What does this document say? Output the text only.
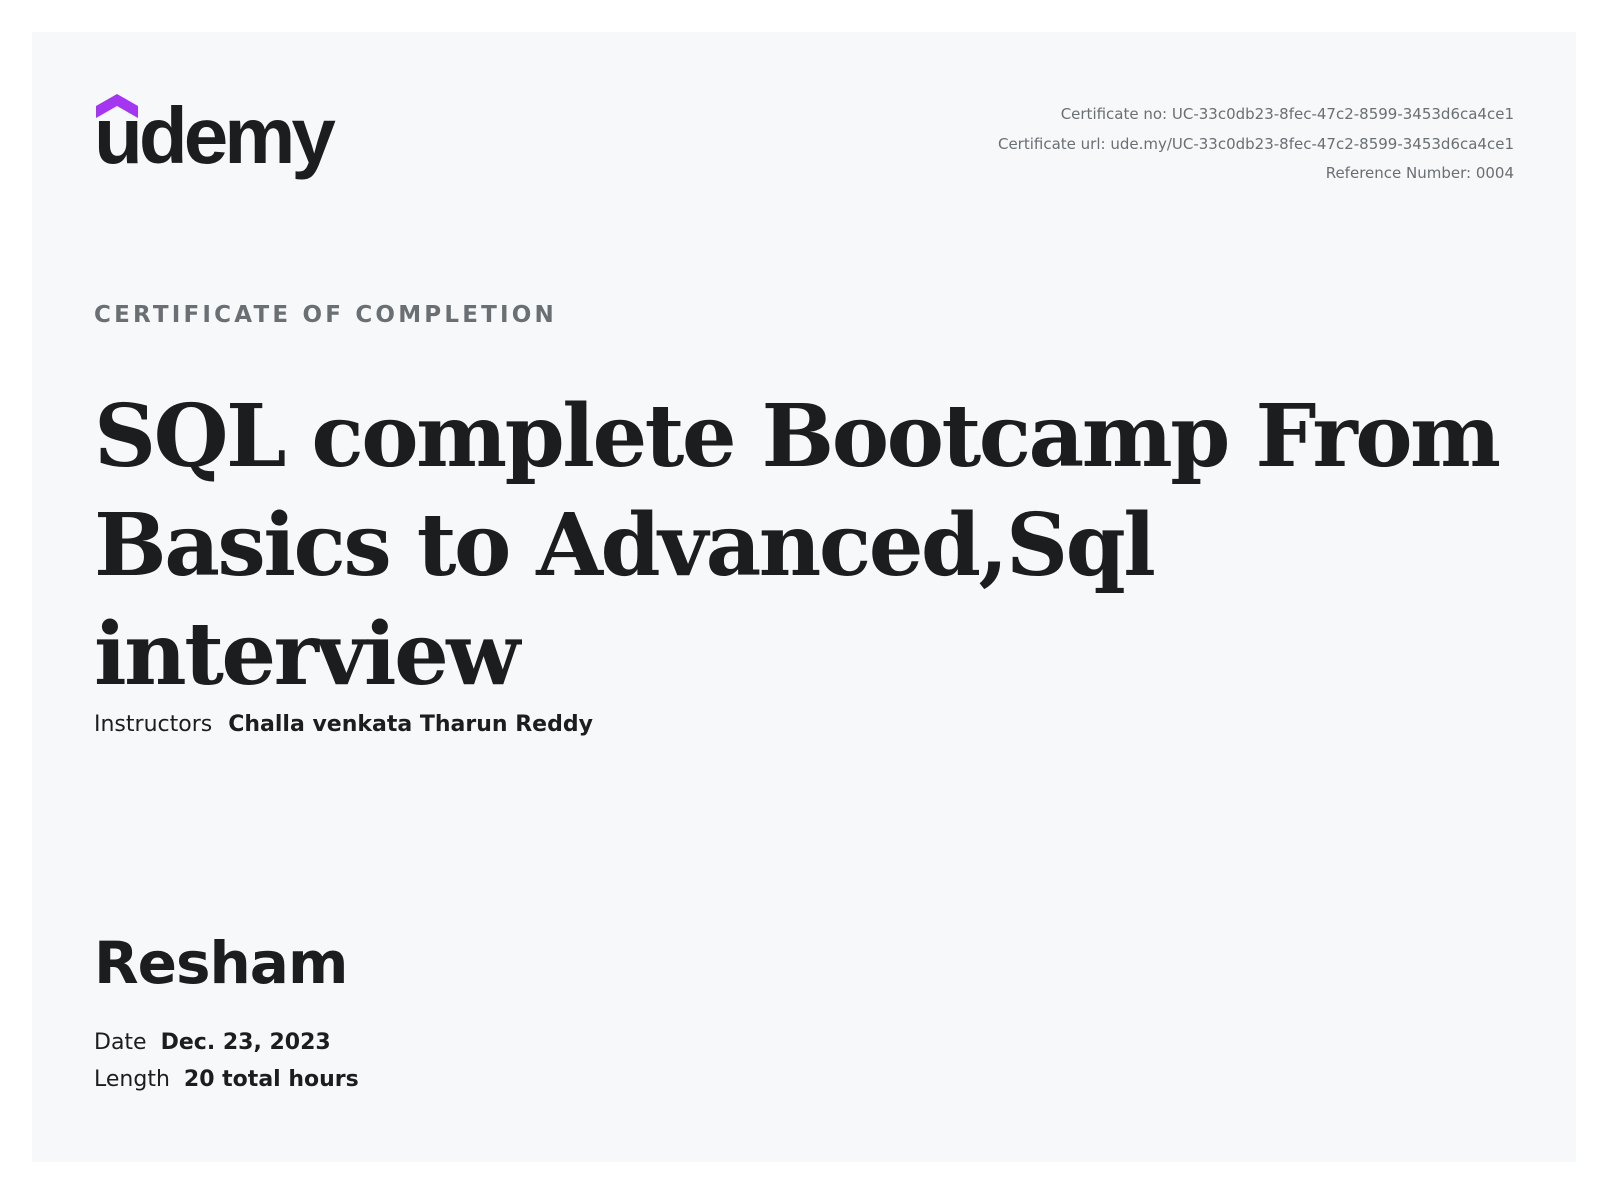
udemy	Certificate no: UC-33c0db23-8fec-47c2-8599-3453d6ca4ce1
Certificate url: ude.my/UC-33c0db23-8fec-47c2-8599-3453d6ca4ce1
Reference Number: 0004
CERTIFICATE OF COMPLETION
SQL complete Bootcamp From Basics to Advanced,Sql interview
Instructors Challa venkata Tharun Reddy
Resham
Date Dec. 23, 2023
Length 20 total hours
